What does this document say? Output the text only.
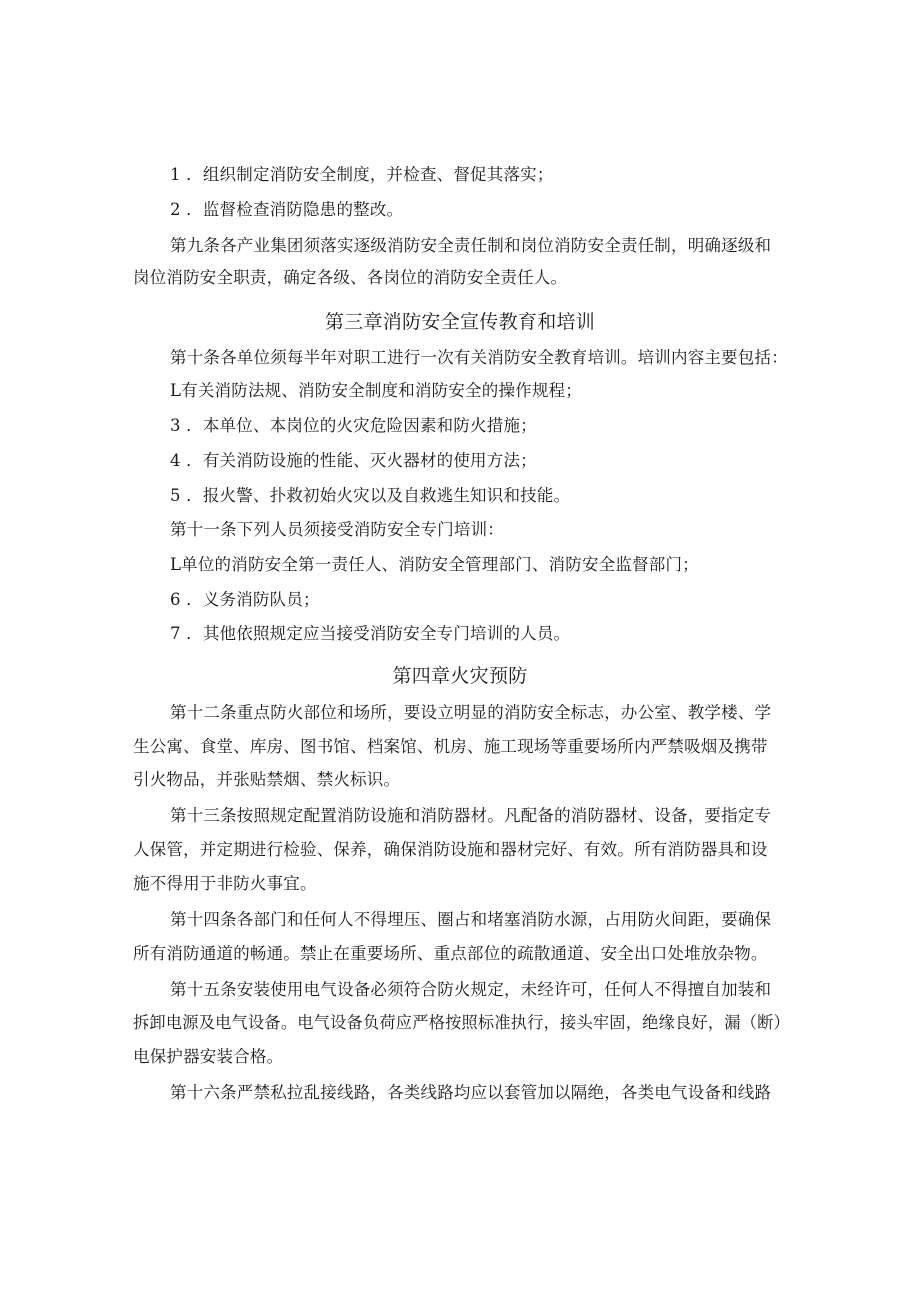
1 ．组织制定消防安全制度，并检查、督促其落实；
2 ．监督检查消防隐患的整改。
第九条各产业集团须落实逐级消防安全责任制和岗位消防安全责任制，明确逐级和
岗位消防安全职责，确定各级、各岗位的消防安全责任人。
第三章消防安全宣传教育和培训
第十条各单位须每半年对职工进行一次有关消防安全教育培训。培训内容主要包括：
L有关消防法规、消防安全制度和消防安全的操作规程；
3 ．本单位、本岗位的火灾危险因素和防火措施；
4 ．有关消防设施的性能、灭火器材的使用方法；
5 ．报火警、扑救初始火灾以及自救逃生知识和技能。
第十一条下列人员须接受消防安全专门培训：
L单位的消防安全第一责任人、消防安全管理部门、消防安全监督部门；
6 ．义务消防队员；
7 ．其他依照规定应当接受消防安全专门培训的人员。
第四章火灾预防
第十二条重点防火部位和场所，要设立明显的消防安全标志，办公室、教学楼、学
生公寓、食堂、库房、图书馆、档案馆、机房、施工现场等重要场所内严禁吸烟及携带
引火物品，并张贴禁烟、禁火标识。
第十三条按照规定配置消防设施和消防器材。凡配备的消防器材、设备，要指定专
人保管，并定期进行检验、保养，确保消防设施和器材完好、有效。所有消防器具和设
施不得用于非防火事宜。
第十四条各部门和任何人不得埋压、圈占和堵塞消防水源，占用防火间距，要确保
所有消防通道的畅通。禁止在重要场所、重点部位的疏散通道、安全出口处堆放杂物。
第十五条安装使用电气设备必须符合防火规定，未经许可，任何人不得擅自加装和
拆卸电源及电气设备。电气设备负荷应严格按照标准执行，接头牢固，绝缘良好，漏（断）
电保护器安装合格。
第十六条严禁私拉乱接线路，各类线路均应以套管加以隔绝，各类电气设备和线路
